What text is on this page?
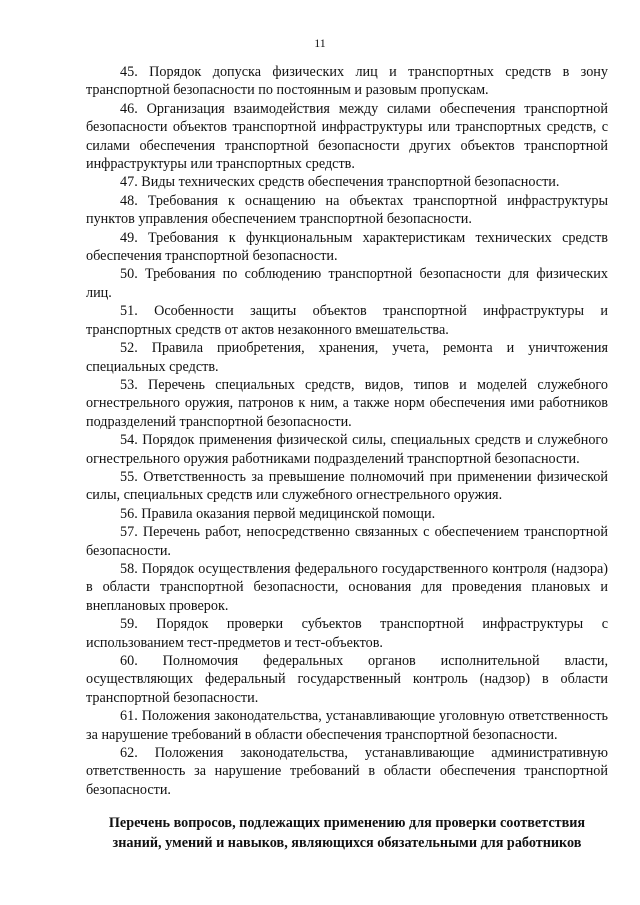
11

45. Порядок допуска физических лиц и транспортных средств в зону транспортной безопасности по постоянным и разовым пропускам.

46. Организация взаимодействия между силами обеспечения транспортной безопасности объектов транспортной инфраструктуры или транспортных средств, с силами обеспечения транспортной безопасности других объектов транспортной инфраструктуры или транспортных средств.

47. Виды технических средств обеспечения транспортной безопасности.

48. Требования к оснащению на объектах транспортной инфраструктуры пунктов управления обеспечением транспортной безопасности.

49. Требования к функциональным характеристикам технических средств обеспечения транспортной безопасности.

50. Требования по соблюдению транспортной безопасности для физических лиц.

51. Особенности защиты объектов транспортной инфраструктуры и транспортных средств от актов незаконного вмешательства.

52. Правила приобретения, хранения, учета, ремонта и уничтожения специальных средств.

53. Перечень специальных средств, видов, типов и моделей служебного огнестрельного оружия, патронов к ним, а также норм обеспечения ими работников подразделений транспортной безопасности.

54. Порядок применения физической силы, специальных средств и служебного огнестрельного оружия работниками подразделений транспортной безопасности.

55. Ответственность за превышение полномочий при применении физической силы, специальных средств или служебного огнестрельного оружия.

56. Правила оказания первой медицинской помощи.

57. Перечень работ, непосредственно связанных с обеспечением транспортной безопасности.

58. Порядок осуществления федерального государственного контроля (надзора) в области транспортной безопасности, основания для проведения плановых и внеплановых проверок.

59. Порядок проверки субъектов транспортной инфраструктуры с использованием тест-предметов и тест-объектов.

60. Полномочия федеральных органов исполнительной власти, осуществляющих федеральный государственный контроль (надзор) в области транспортной безопасности.

61. Положения законодательства, устанавливающие уголовную ответственность за нарушение требований в области обеспечения транспортной безопасности.

62. Положения законодательства, устанавливающие административную ответственность за нарушение требований в области обеспечения транспортной безопасности.

Перечень вопросов, подлежащих применению для проверки соответствия знаний, умений и навыков, являющихся обязательными для работников
